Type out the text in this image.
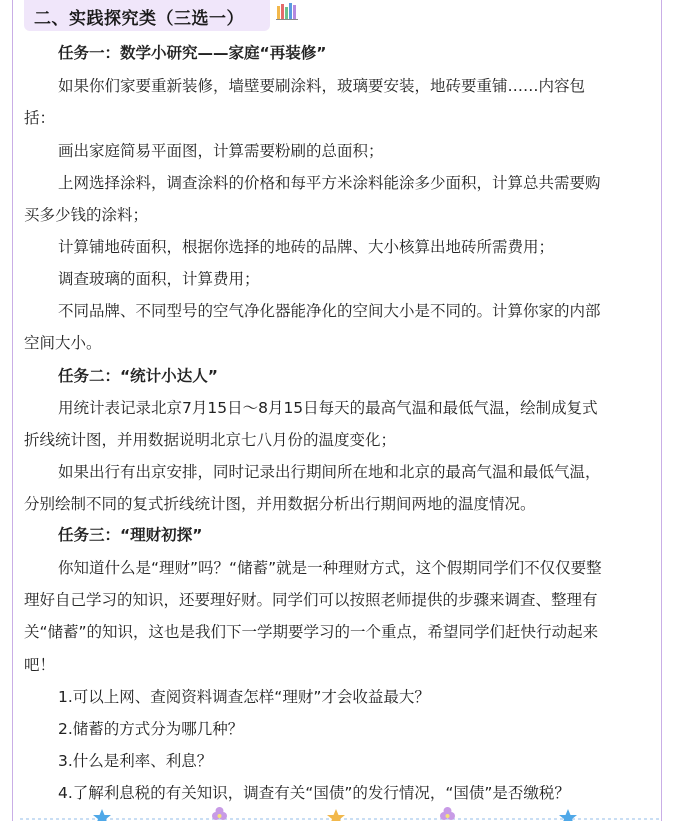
二、实践探究类（三选一）
任务一：数学小研究——家庭“再装修”
如果你们家要重新装修，墙壁要刷涂料，玻璃要安装，地砖要重铺……内容包
括：
画出家庭简易平面图，计算需要粉刷的总面积；
上网选择涂料，调查涂料的价格和每平方米涂料能涂多少面积，计算总共需要购
买多少钱的涂料；
计算铺地砖面积，根据你选择的地砖的品牌、大小核算出地砖所需费用；
调查玻璃的面积，计算费用；
不同品牌、不同型号的空气净化器能净化的空间大小是不同的。计算你家的内部
空间大小。
任务二：“统计小达人”
用统计表记录北京7月15日～8月15日每天的最高气温和最低气温，绘制成复式
折线统计图，并用数据说明北京七八月份的温度变化；
如果出行有出京安排，同时记录出行期间所在地和北京的最高气温和最低气温，
分别绘制不同的复式折线统计图，并用数据分析出行期间两地的温度情况。
任务三：“理财初探”
你知道什么是“理财”吗？“储蓄”就是一种理财方式，这个假期同学们不仅仅要整
理好自己学习的知识，还要理好财。同学们可以按照老师提供的步骤来调查、整理有
关“储蓄”的知识，这也是我们下一学期要学习的一个重点，希望同学们赶快行动起来
吧！
1.可以上网、查阅资料调查怎样“理财”才会收益最大？
2.储蓄的方式分为哪几种？
3.什么是利率、利息？
4.了解利息税的有关知识，调查有关“国债”的发行情况，“国债”是否缴税？
